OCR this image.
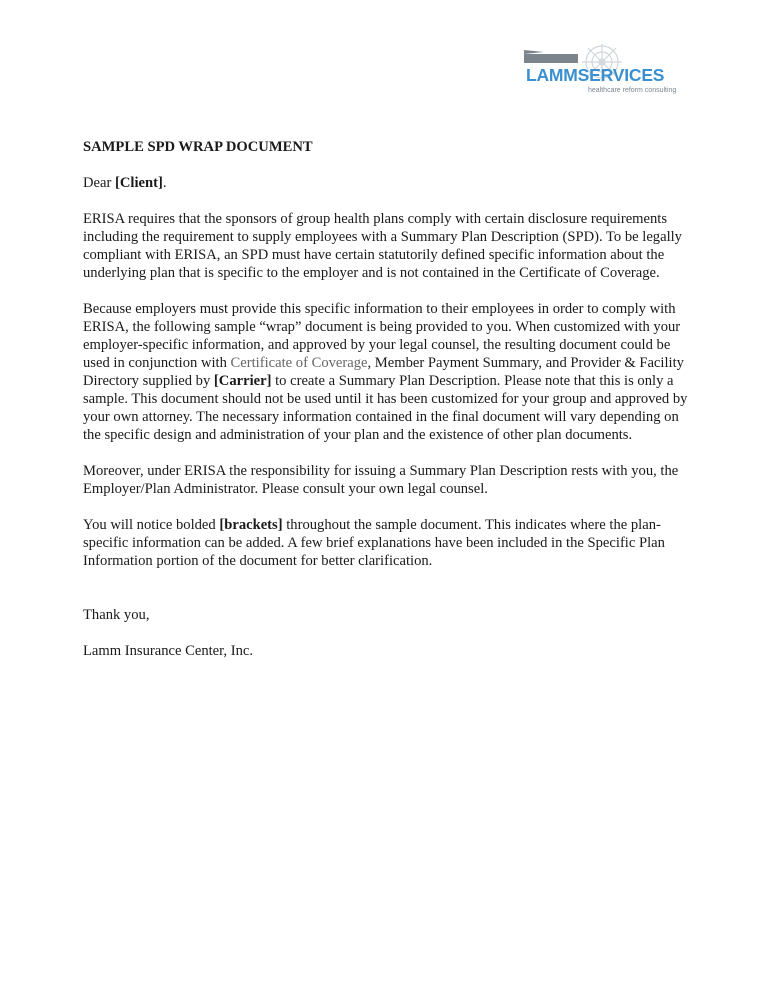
LAMMSERVICES
healthcare reform consulting

SAMPLE SPD WRAP DOCUMENT

Dear [Client].

ERISA requires that the sponsors of group health plans comply with certain disclosure requirements including the requirement to supply employees with a Summary Plan Description (SPD). To be legally compliant with ERISA, an SPD must have certain statutorily defined specific information about the underlying plan that is specific to the employer and is not contained in the Certificate of Coverage.

Because employers must provide this specific information to their employees in order to comply with ERISA, the following sample “wrap” document is being provided to you. When customized with your employer-specific information, and approved by your legal counsel, the resulting document could be used in conjunction with Certificate of Coverage, Member Payment Summary, and Provider & Facility Directory supplied by [Carrier] to create a Summary Plan Description. Please note that this is only a sample. This document should not be used until it has been customized for your group and approved by your own attorney. The necessary information contained in the final document will vary depending on the specific design and administration of your plan and the existence of other plan documents.

Moreover, under ERISA the responsibility for issuing a Summary Plan Description rests with you, the Employer/Plan Administrator. Please consult your own legal counsel.

You will notice bolded [brackets] throughout the sample document. This indicates where the plan-specific information can be added. A few brief explanations have been included in the Specific Plan Information portion of the document for better clarification.

Thank you,

Lamm Insurance Center, Inc.
